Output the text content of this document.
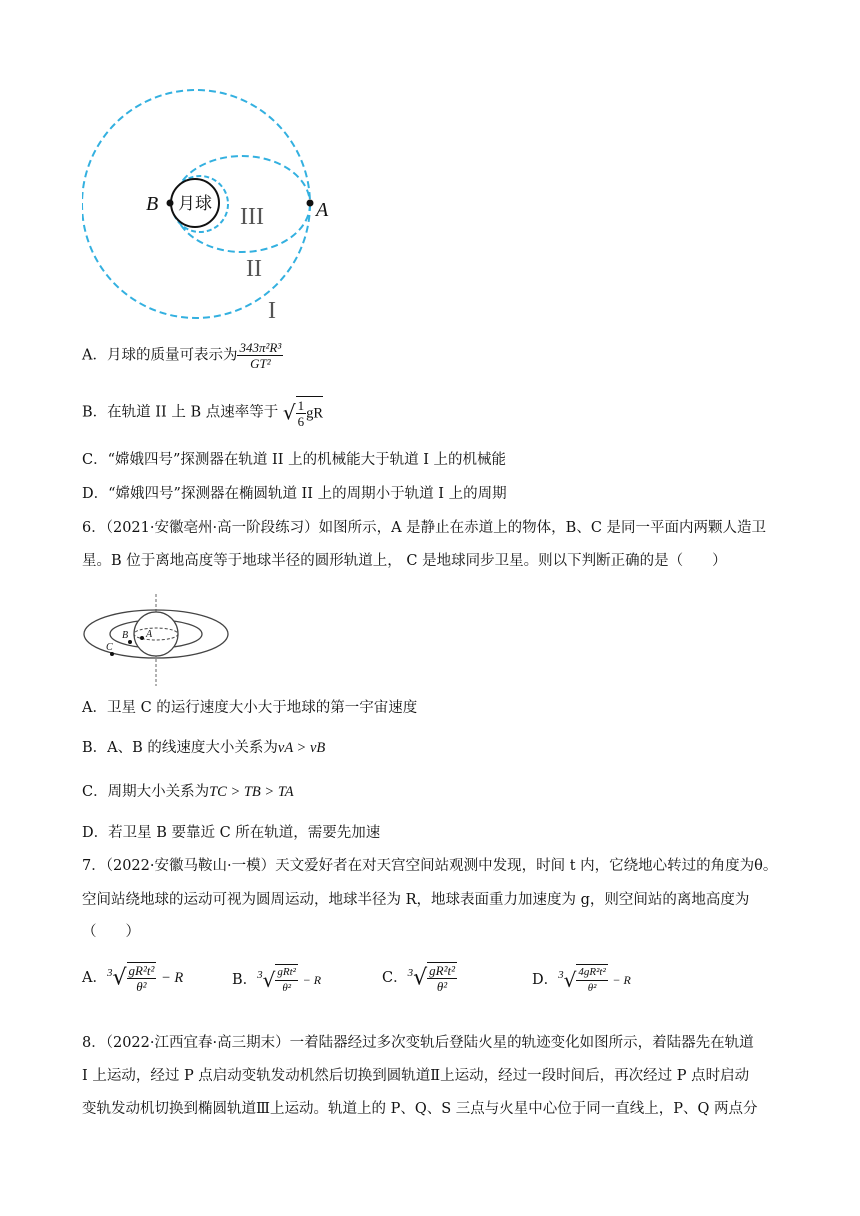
月球
B	A
III
II
I
A．月球的质量可表示为 $\frac{\text{343π²R³}}{\text{GT²}}$
B．在轨道 II 上 B 点速率等于 √ $\frac{1}{6}$ gR
C．“嫦娥四号”探测器在轨道 II 上的机械能大于轨道 I 上的机械能
D．“嫦娥四号”探测器在椭圆轨道 II 上的周期小于轨道 I 上的周期
6．（2021·安徽亳州·高一阶段练习）如图所示，A 是静止在赤道上的物体，B、C 是同一平面内两颗人造卫
星。B 位于离地高度等于地球半径的圆形轨道上， C 是地球同步卫星。则以下判断正确的是（　　）
A
B
C
A．卫星 C 的运行速度大小大于地球的第一宇宙速度
B．A、B 的线速度大小关系为vA > vB
C．周期大小关系为TC > TB > TA
D．若卫星 B 要靠近 C 所在轨道，需要先加速
7．（2022·安徽马鞍山·一模）天文爱好者在对天宫空间站观测中发现，时间 t 内，它绕地心转过的角度为θ。
空间站绕地球的运动可视为圆周运动，地球半径为 R，地球表面重力加速度为 g，则空间站的离地高度为
（　　）
A．$^3√ \frac{\text{gR²t²}}{\text{θ²}} - R$	B．$^3√ \frac{\text{gRt²}}{\text{θ²}} - R$	C．$^3√ \frac{\text{gR²t²}}{\text{θ²}}$	D．$^3√ \frac{\text{4gR²t²}}{\text{θ²}} - R$
8．（2022·江西宜春·高三期末）一着陆器经过多次变轨后登陆火星的轨迹变化如图所示，着陆器先在轨道
I 上运动，经过 P 点启动变轨发动机然后切换到圆轨道Ⅱ上运动，经过一段时间后，再次经过 P 点时启动
变轨发动机切换到椭圆轨道Ⅲ上运动。轨道上的 P、Q、S 三点与火星中心位于同一直线上，P、Q 两点分
